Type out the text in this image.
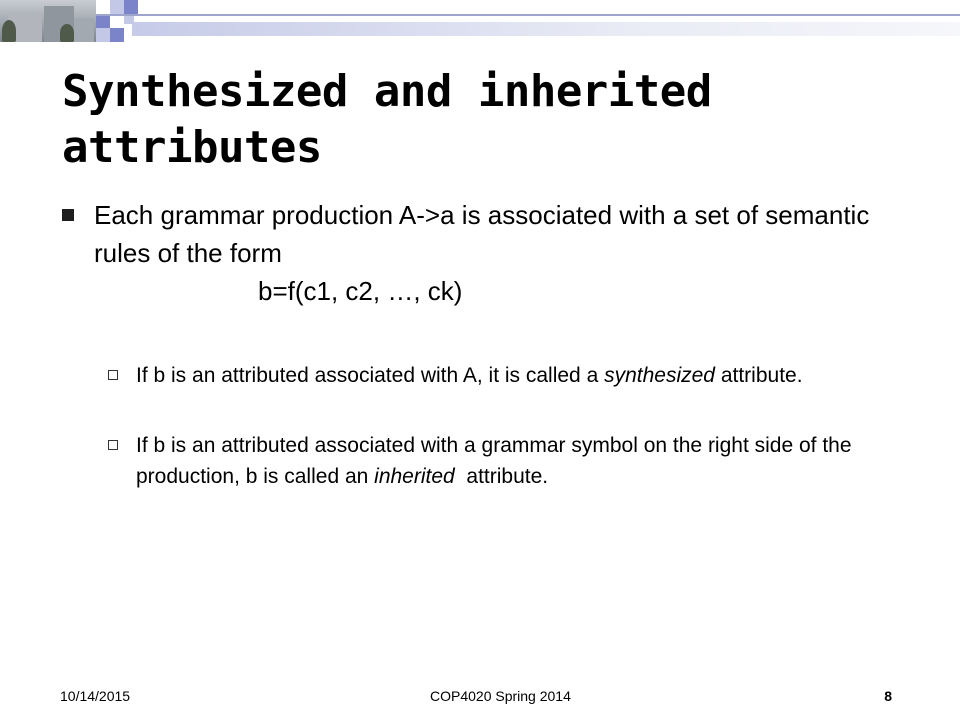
Synthesized and inherited attributes
Each grammar production A->a is associated with a set of semantic rules of the form
b=f(c1, c2, …, ck)
If b is an attributed associated with A, it is called a synthesized attribute.
If b is an attributed associated with a grammar symbol on the right side of the production, b is called an inherited  attribute.
10/14/2015	COP4020 Spring 2014	8
